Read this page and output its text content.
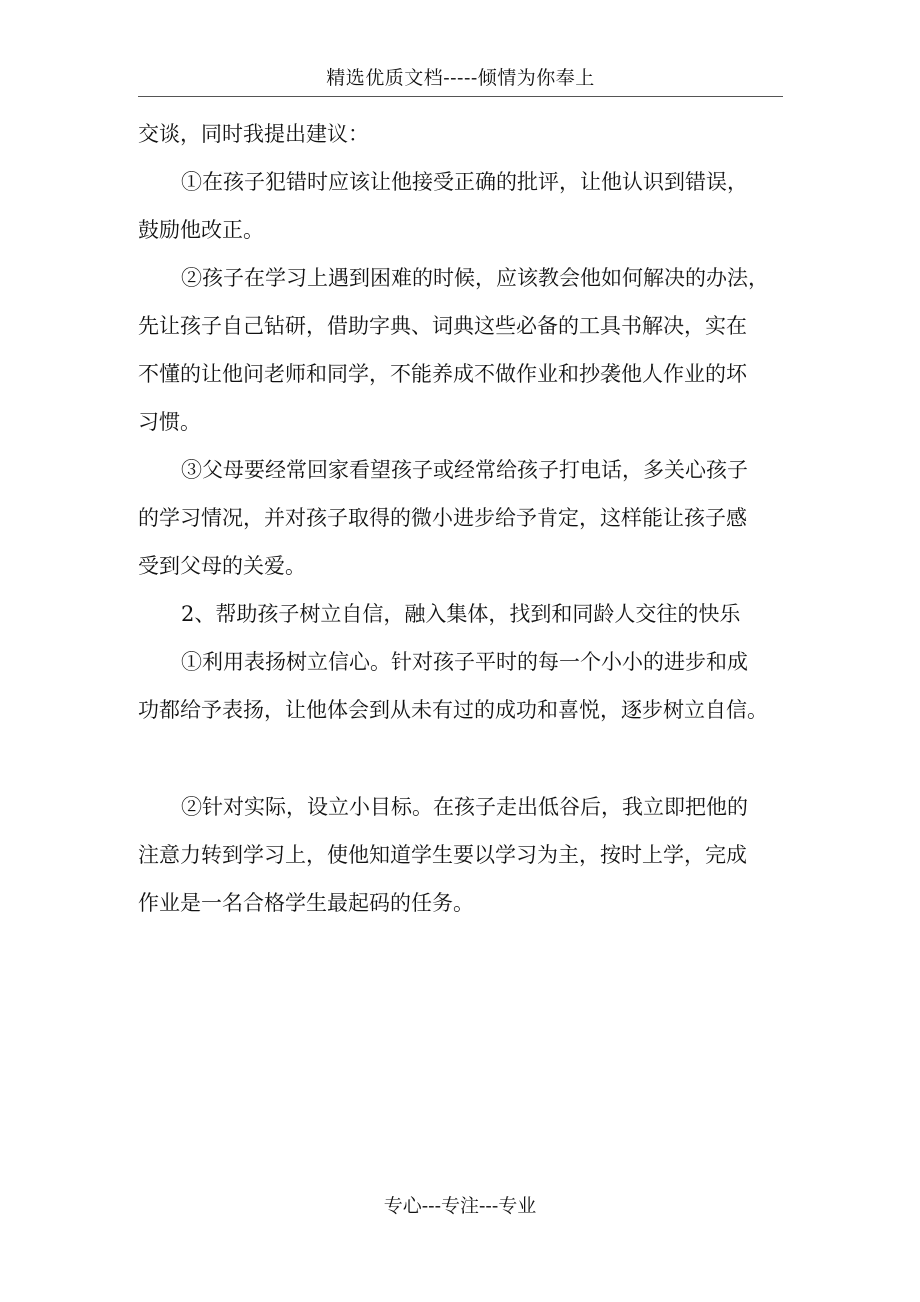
精选优质文档-----倾情为你奉上
交谈，同时我提出建议：
①在孩子犯错时应该让他接受正确的批评，让他认识到错误，
鼓励他改正。
②孩子在学习上遇到困难的时候，应该教会他如何解决的办法，
先让孩子自己钻研，借助字典、词典这些必备的工具书解决，实在
不懂的让他问老师和同学，不能养成不做作业和抄袭他人作业的坏
习惯。
③父母要经常回家看望孩子或经常给孩子打电话，多关心孩子
的学习情况，并对孩子取得的微小进步给予肯定，这样能让孩子感
受到父母的关爱。
2、帮助孩子树立自信，融入集体，找到和同龄人交往的快乐
①利用表扬树立信心。针对孩子平时的每一个小小的进步和成
功都给予表扬，让他体会到从未有过的成功和喜悦，逐步树立自信。
②针对实际，设立小目标。在孩子走出低谷后，我立即把他的
注意力转到学习上，使他知道学生要以学习为主，按时上学，完成
作业是一名合格学生最起码的任务。
专心---专注---专业
